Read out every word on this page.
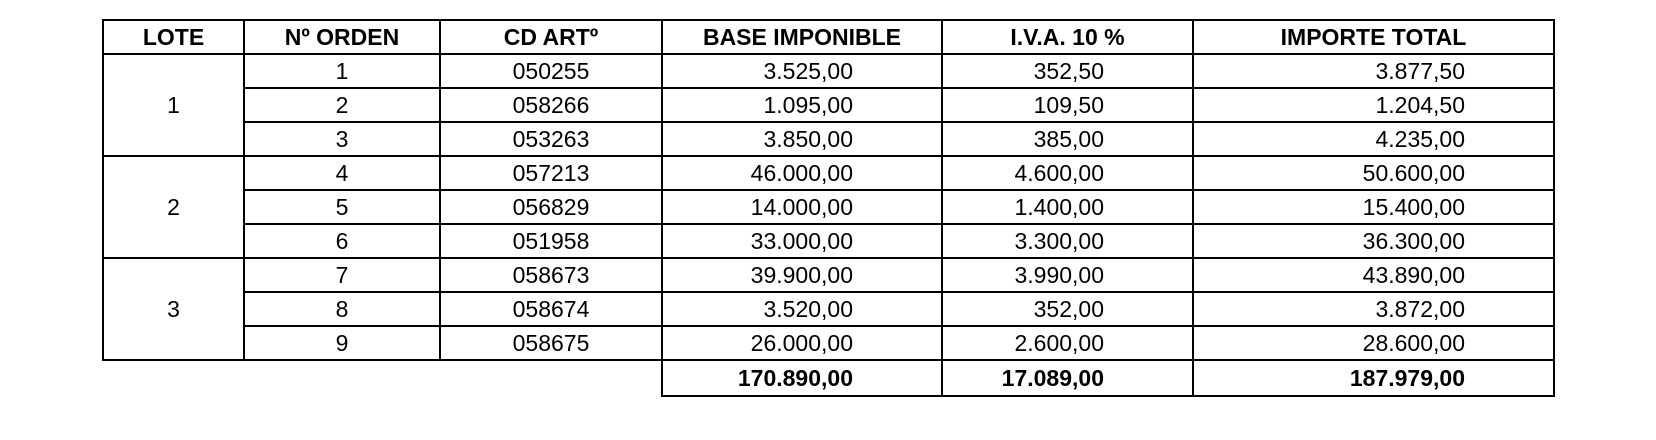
LOTE	Nº ORDEN	CD ARTº	BASE IMPONIBLE	I.V.A. 10 %	IMPORTE TOTAL
1	1	050255	3.525,00	352,50	3.877,50
	2	058266	1.095,00	109,50	1.204,50
	3	053263	3.850,00	385,00	4.235,00
2	4	057213	46.000,00	4.600,00	50.600,00
	5	056829	14.000,00	1.400,00	15.400,00
	6	051958	33.000,00	3.300,00	36.300,00
3	7	058673	39.900,00	3.990,00	43.890,00
	8	058674	3.520,00	352,00	3.872,00
	9	058675	26.000,00	2.600,00	28.600,00
			170.890,00	17.089,00	187.979,00
